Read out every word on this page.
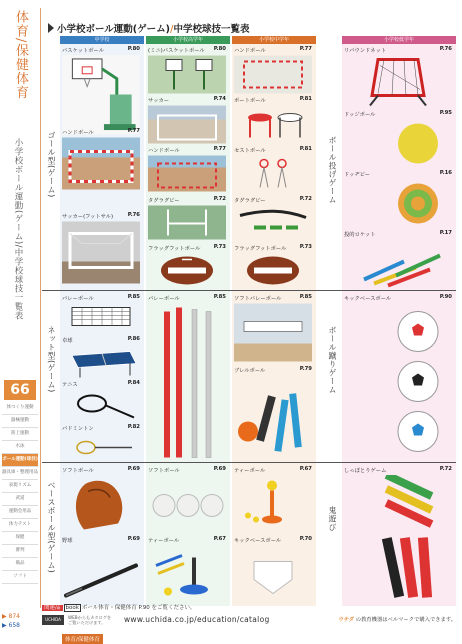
体育/保健体育
小学校ボール運動(ゲーム)/中学校球技一覧表
66
体つくり運動
器械運動
陸上運動
水泳
ボール運動(球技)
器具庫・整理用品
表現リズム
武道
運動会用品
体力テスト
保健
審判
備品
ソフト
▶ 874
▶ 658
小学校ボール運動(ゲーム)/中学校球技一覧表
中学校	小学校高学年	小学校中学年	小学校低学年
ゴール型(ゲーム)
ネット型(ゲーム)
ベースボール型(ゲーム)
ボール投げゲーム
ボール蹴りゲーム
鬼遊び
バスケットボール	P.80
ハンドボール	P.77
サッカー(フットサル)	P.76
バレーボール	P.85
卓球	P.86
テニス	P.84
バドミントン	P.82
ソフトボール	P.69
野球	P.69
(ミニ)バスケットボール P.80
サッカー	P.74
ハンドボール	P.77
タグラグビー	P.72
フラッグフットボール	P.73
バレーボール	P.85
ソフトボール	P.69
ティーボール	P.67
ハンドボール	P.77
ポートボール	P.81
セストボール	P.81
タグラグビー	P.72
フラッグフットボール	P.73
ソフトバレーボール	P.85
ブレルボール	P.79
ティーボール	P.67
キックベースボール	P.70
リバウンドネット	P.76
ドッジボール	P.95
ドッヂビー	P.16
投的ロケット	P.17
キックベースボール	P.90
しっぽとりゲーム	P.72
関連品 book ボール体育・保健体育 P.90 をご覧ください。
UCHIDA	WEBからもカタログを ご覧いただけます。	www.uchida.co.jp/education/catalog	ウチダ の教育機器はベルマークで購入できます。
体育/保健体育
